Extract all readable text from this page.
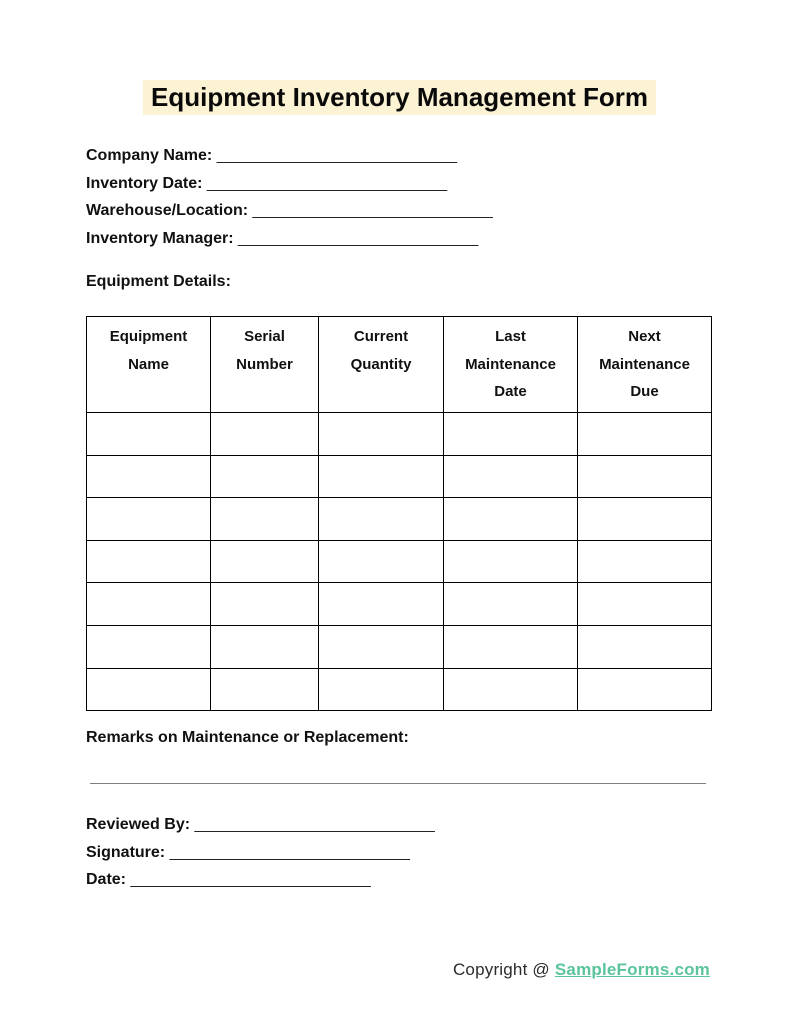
Equipment Inventory Management Form
Company Name: ___________________________
Inventory Date: ___________________________
Warehouse/Location: ___________________________
Inventory Manager: ___________________________
Equipment Details:
Equipment Name	Serial Number	Current Quantity	Last Maintenance Date	Next Maintenance Due

Remarks on Maintenance or Replacement:
Reviewed By: ___________________________
Signature: ___________________________
Date: ___________________________
Copyright @ SampleForms.com
